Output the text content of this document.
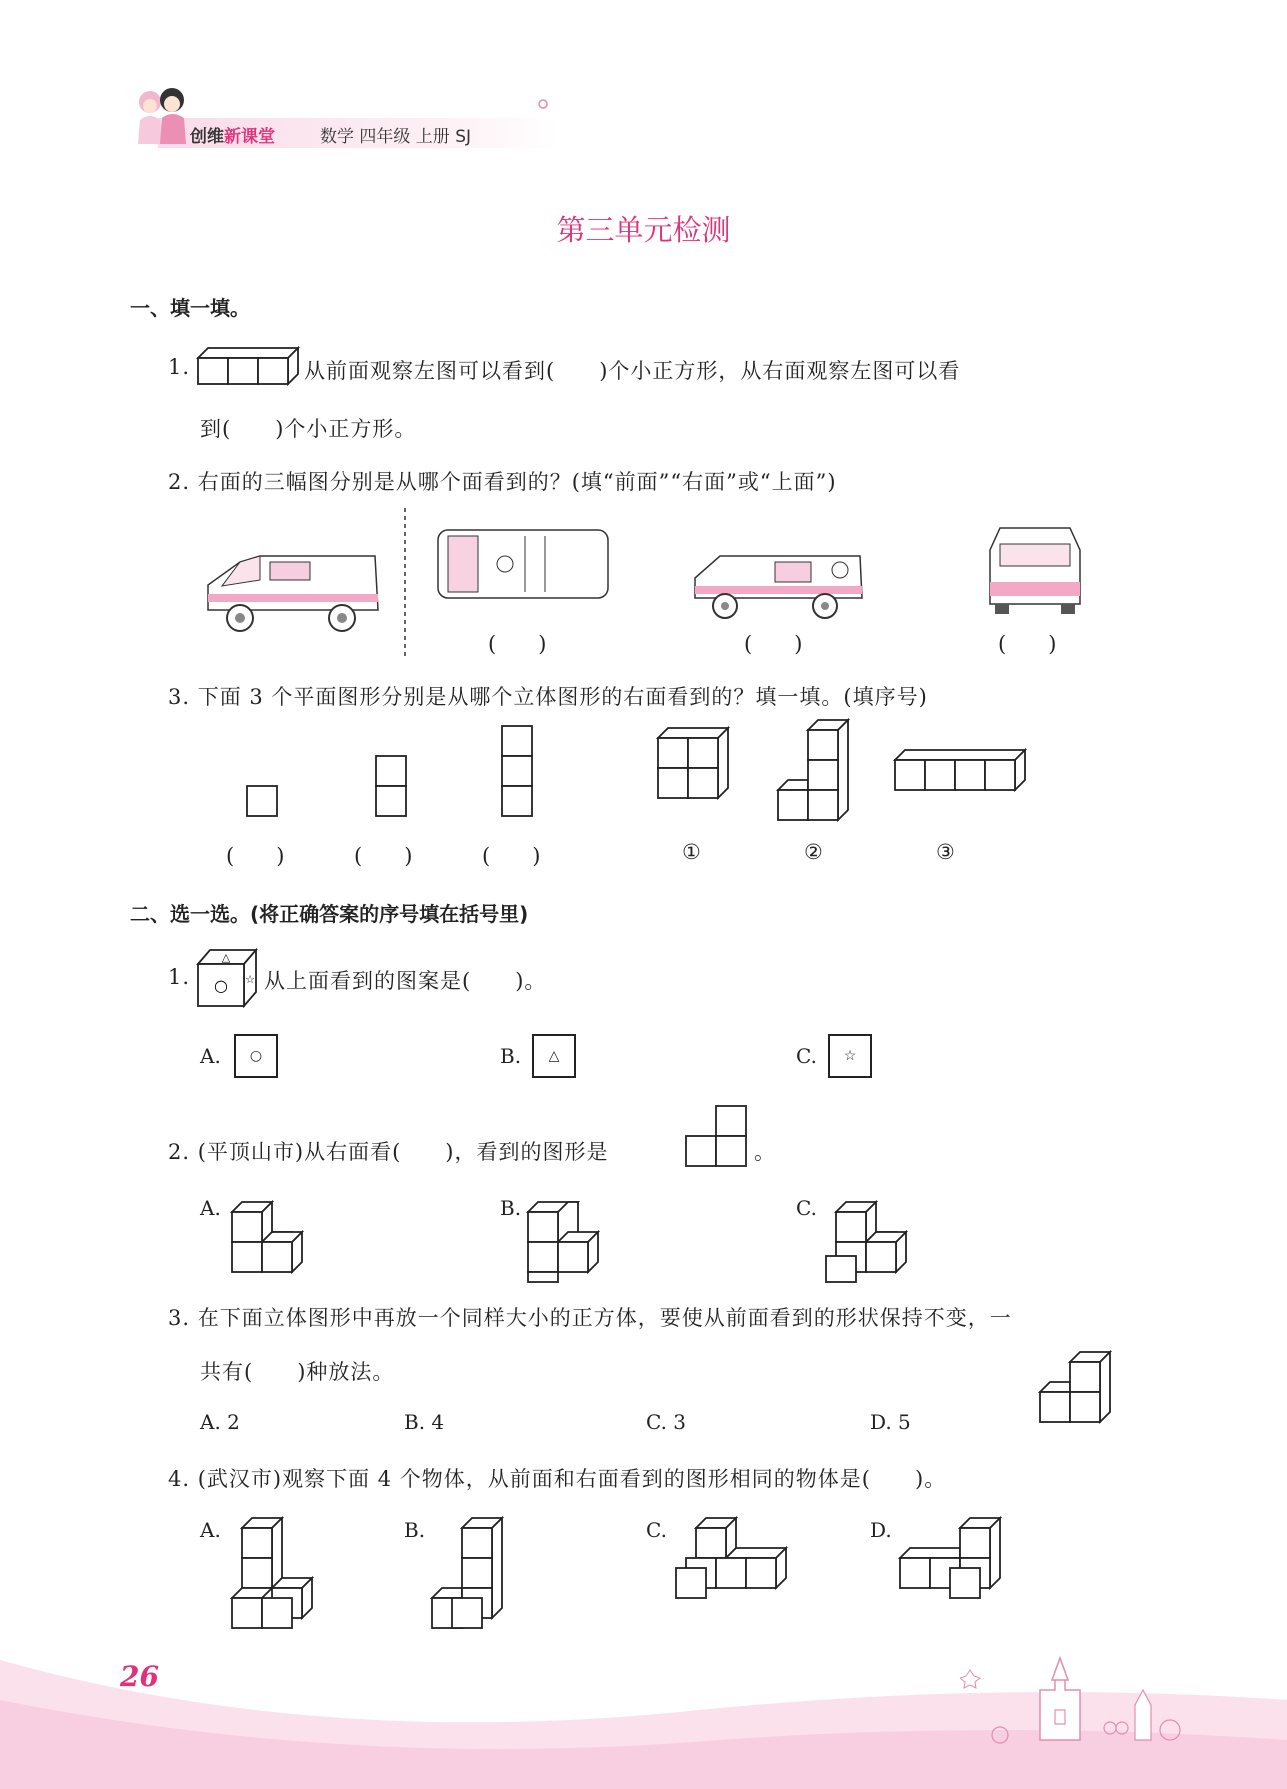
创维新课堂	数学 四年级 上册 SJ
第三单元检测
一、填一填。
1.	从前面观察左图可以看到(　　)个小正方形，从右面观察左图可以看
到(　　)个小正方形。
2. 右面的三幅图分别是从哪个面看到的？(填“前面”“右面”或“上面”)
(　　)	(　　)	(　　)
3. 下面 3 个平面图形分别是从哪个立体图形的右面看到的？填一填。(填序号)
(　　)	(　　)	(　　)	①	②	③
二、选一选。(将正确答案的序号填在括号里)
1.
△
○ ☆ 从上面看到的图案是(　　)。
A.	○	B.	△	C.	☆
2. (平顶山市)从右面看(　　)，看到的图形是	。
A.	B.	C.
3. 在下面立体图形中再放一个同样大小的正方体，要使从前面看到的形状保持不变，一
共有(　　)种放法。
A. 2	B. 4	C. 3	D. 5
4. (武汉市)观察下面 4 个物体，从前面和右面看到的图形相同的物体是(　　)。
A.	B.	C.	D.
26
